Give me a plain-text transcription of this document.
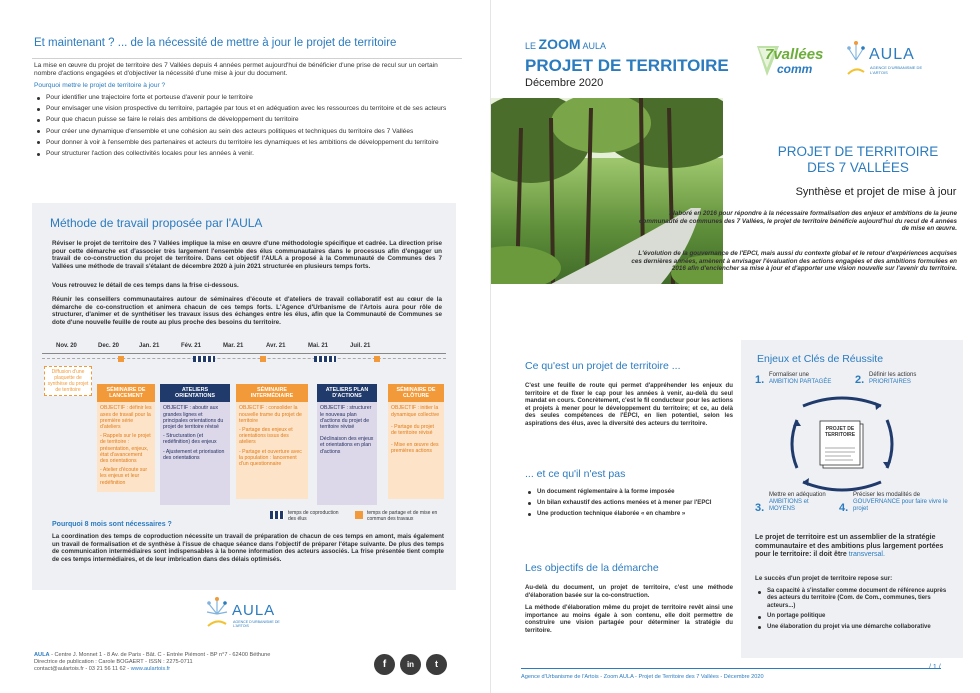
Et maintenant ? ... de la nécessité de mettre à jour le projet de territoire

La mise en œuvre du projet de territoire des 7 Vallées depuis 4 années permet aujourd'hui de bénéficier d'une prise de recul sur un certain nombre d'actions engagées et d'objectiver la nécessité d'une mise à jour du document.

Pourquoi mettre le projet de territoire à jour ?

Pour identifier une trajectoire forte et porteuse d'avenir pour le territoire
Pour envisager une vision prospective du territoire, partagée par tous et en adéquation avec les ressources du territoire et de ses acteurs
Pour que chacun puisse se faire le relais des ambitions de développement du territoire
Pour créer une dynamique d'ensemble et une cohésion au sein des acteurs politiques et techniques du territoire des 7 Vallées
Pour donner à voir à l'ensemble des partenaires et acteurs du territoire les dynamiques et les ambitions de développement du territoire
Pour structurer l'action des collectivités locales pour les années à venir.
Méthode de travail proposée par l'AULA

Réviser le projet de territoire des 7 Vallées implique la mise en œuvre d'une méthodologie spécifique et cadrée. La direction prise pour cette démarche est d'associer très largement l'ensemble des élus communautaires dans le processus afin d'engager un travail de co-construction du projet de territoire. Dans cet objectif l'AULA a proposé à la Communauté de Communes des 7 Vallées une méthode de travail s'étalant de décembre 2020 à juin 2021 structurée en plusieurs temps forts.

Vous retrouvez le détail de ces temps dans la frise ci-dessous.

Réunir les conseillers communautaires autour de séminaires d'écoute et d'ateliers de travail collaboratif est au cœur de la démarche de co-construction et animera chacun de ces temps forts. L'Agence d'Urbanisme de l'Artois aura pour rôle de structurer, d'animer et de synthétiser les travaux issus des échanges entre les élus, afin que la Communauté de Communes se dote d'une nouvelle feuille de route au plus proche des besoins du territoire.

Nov. 20	Dec. 20	Jan. 21	Fév. 21	Mar. 21	Avr. 21	Mai. 21	Juil. 21
Diffusion d'une plaquette de synthèse du projet de territoire	SÉMINAIRE DE LANCEMENT
OBJECTIF : définir les axes de travail pour la première série d'ateliers
- Rappels sur le projet de territoire : présentation, enjeux, état d'avancement des orientations
- Atelier d'écoute sur les enjeux et leur redéfinition
ATELIERS ORIENTATIONS
OBJECTIF : aboutir aux grandes lignes et principales orientations du projet de territoire révisé
- Structuration (et redéfinition) des enjeux
- Ajustement et priorisation des orientations
SÉMINAIRE INTERMÉDIAIRE
OBJECTIF : consolider la nouvelle trame du projet de territoire
- Partage des enjeux et orientations issus des ateliers
- Partage et ouverture avec la population : lancement d'un questionnaire
ATELIERS PLAN D'ACTIONS
OBJECTIF : structurer le nouveau plan d'actions du projet de territoire révisé
Déclinaison des enjeux et orientations en plan d'actions
SÉMINAIRE DE CLÔTURE
OBJECTIF : initier la dynamique collective
- Partage du projet de territoire révisé
- Mise en œuvre des premières actions
temps de coproduction des élus
temps de partage et de mise en commun des travaux

Pourquoi 8 mois sont nécessaires ?

La coordination des temps de coproduction nécessite un travail de préparation de chacun de ces temps en amont, mais également un travail de formalisation et de synthèse à l'issue de chaque séance dans l'objectif de préparer l'étape suivante. De plus des temps de communication intermédiaires sont indispensables à la bonne information des acteurs associés. La frise présentée tient compte de ces temps intermédiaires, et de leur imbrication dans des délais optimisés.

AULA
AGENCE D'URBANISME DE L'ARTOIS
AULA - Centre J. Monnet 1 - 8 Av. de Paris - Bât. C - Entrée Piémont - BP n°7 - 62400 Béthune
Directrice de publication : Carole BOGAERT - ISSN : 2275-0711
contact@aulartois.fr - 03 21 56 11 62 - www.aulartois.fr	f	in	t
LE ZOOM AULA
PROJET DE TERRITOIRE
Décembre 2020
7vallées
comm
AULA
AGENCE D'URBANISME DE L'ARTOIS
PROJET DE TERRITOIRE
DES 7 VALLÉES
Synthèse et projet de mise à jour

Élaboré en 2016 pour répondre à la nécessaire formalisation des enjeux et ambitions de la jeune communauté de communes des 7 Vallées, le projet de territoire bénéficie aujourd'hui du recul de 4 années de mise en œuvre.

L'évolution de la gouvernance de l'EPCI, mais aussi du contexte global et le retour d'expériences acquises ces dernières années, amènent à envisager l'évaluation des actions engagées et des ambitions formulées en 2016 afin d'enclencher sa mise à jour et d'apporter une vision nouvelle sur l'avenir du territoire.

Ce qu'est un projet de territoire ...

C'est une feuille de route qui permet d'appréhender les enjeux du territoire et de fixer le cap pour les années à venir, au-delà du seul mandat en cours. Concrètement, c'est le fil conducteur pour les actions et projets à mener pour le développement du territoire; et ce, au delà des seules compétences de l'EPCI, en lien potentiel, selon les aspirations des élus, avec la diversité des acteurs du territoire.

... et ce qu'il n'est pas
Un document réglementaire à la forme imposée
Un bilan exhaustif des actions menées et à mener par l'EPCI
Une production technique élaborée « en chambre »
Les objectifs de la démarche

Au-delà du document, un projet de territoire, c'est une méthode d'élaboration basée sur la co-construction.

La méthode d'élaboration même du projet de territoire revêt ainsi une importance au moins égale à son contenu, elle doit permettre de construire une vision partagée pour déterminer la stratégie du territoire.

Enjeux et Clés de Réussite
1. Formaliser une
AMBITION PARTAGÉE	2. Définir les actions
PRIORITAIRES
PROJET DE TERRITOIRE
3.
Mettre en adéquation
AMBITIONS et MOYENS	4.
Préciser les modalités de
GOUVERNANCE pour faire vivre le projet

Le projet de territoire est un assemblier de la stratégie communautaire et des ambitions plus largement portées pour le territoire: il doit être transversal.

Le succès d'un projet de territoire repose sur:

Sa capacité à s'installer comme document de référence auprès des acteurs du territoire (Com. de Com., communes, tiers acteurs...)
Un portage politique
Une élaboration du projet via une démarche collaborative
Agence d'Urbanisme de l'Artois - Zoom AULA - Projet de Territoire des 7 Vallées - Décembre 2020
/ 1 /
